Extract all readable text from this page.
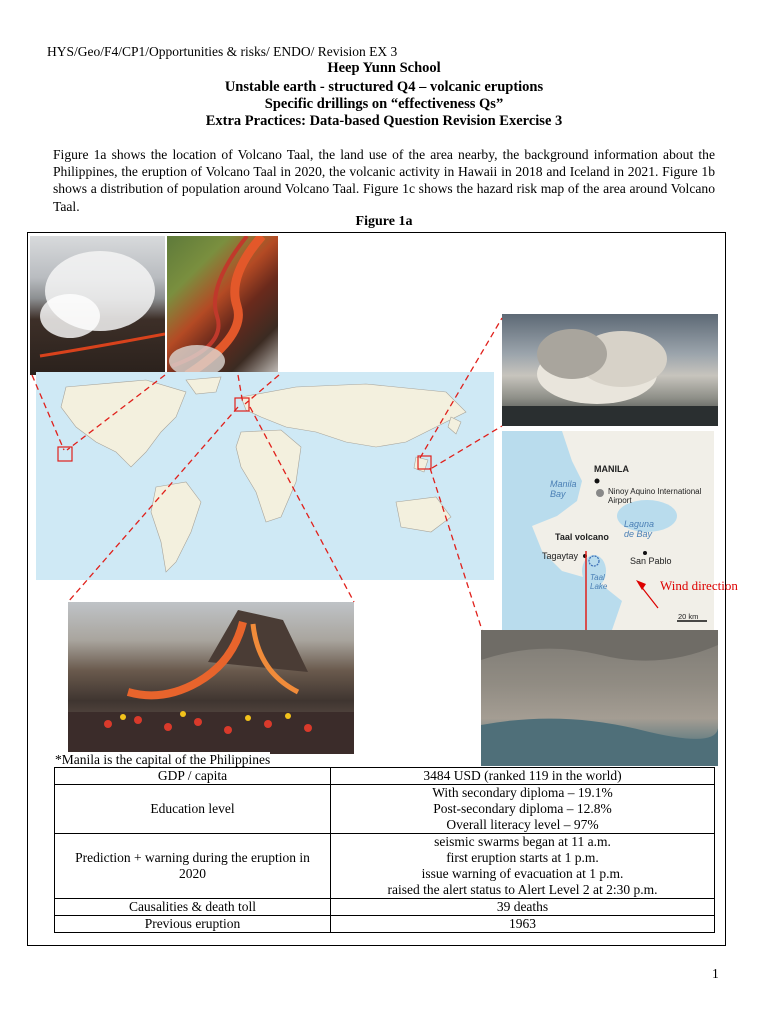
HYS/Geo/F4/CP1/Opportunities & risks/ ENDO/ Revision EX 3
Heep Yunn School
Unstable earth - structured Q4 – volcanic eruptions
Specific drillings on “effectiveness Qs”
Extra Practices: Data-based Question Revision Exercise 3

Figure 1a shows the location of Volcano Taal, the land use of the area nearby, the background information about the Philippines, the eruption of Volcano Taal in 2020, the volcanic activity in Hawaii in 2018 and Iceland in 2021. Figure 1b shows a distribution of population around Volcano Taal. Figure 1c shows the hazard risk map of the area around Volcano Taal.

Figure 1a
MANILA
Manila Bay	Ninoy Aquino International Airport
Laguna de Bay
Taal volcano
Tagaytay	San Pablo
Taal Lake
20 km
Wind direction
*Manila is the capital of the Philippines
GDP / capita	3484 USD (ranked 119 in the world)
Education level	With secondary diploma – 19.1%
Post-secondary diploma – 12.8%
Overall literacy level – 97%

Prediction + warning during the eruption in 2020	seismic swarms began at 11 a.m.
first eruption starts at 1 p.m.
issue warning of evacuation at 1 p.m.
raised the alert status to Alert Level 2 at 2:30 p.m.

Causalities & death toll	39 deaths
Previous eruption	1963
1
